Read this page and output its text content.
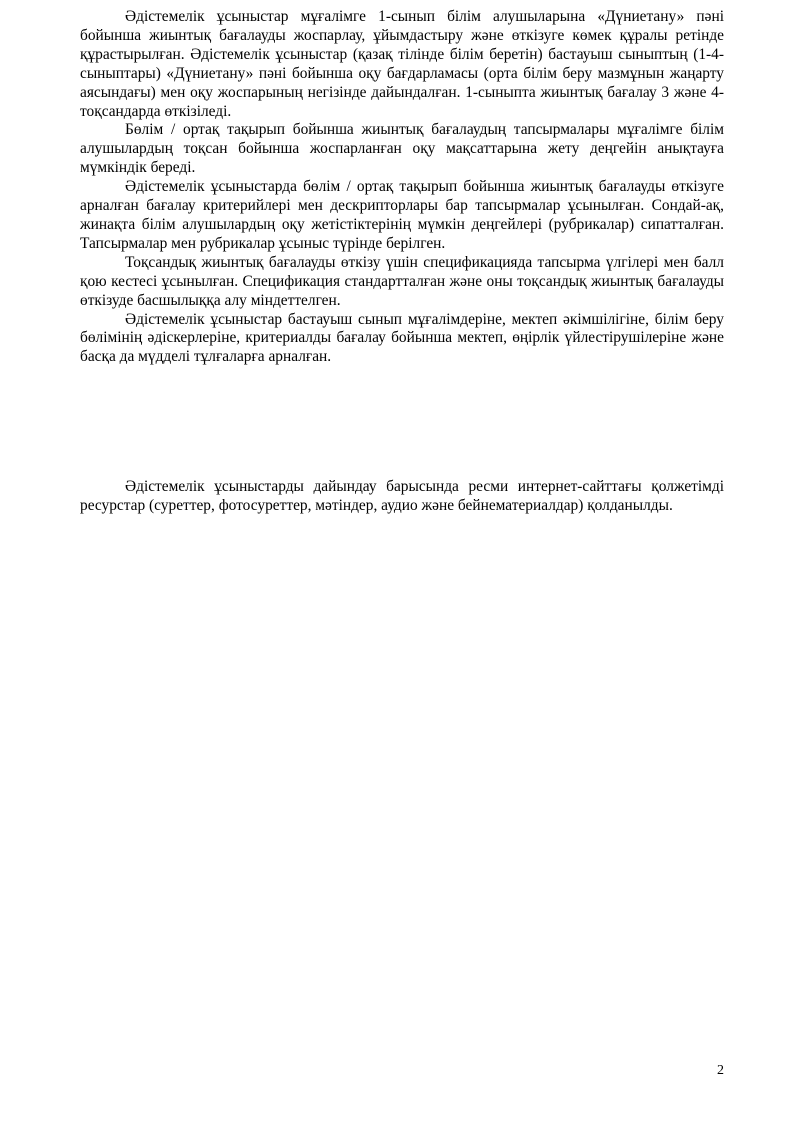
Әдістемелік ұсыныстар мұғалімге 1-сынып білім алушыларына «Дүниетану» пәні бойынша жиынтық бағалауды жоспарлау, ұйымдастыру және өткізуге көмек құралы ретінде құрастырылған. Әдістемелік ұсыныстар (қазақ тілінде білім беретін) бастауыш сыныптың (1-4-сыныптары) «Дүниетану» пәні бойынша оқу бағдарламасы (орта білім беру мазмұнын жаңарту аясындағы) мен оқу жоспарының негізінде дайындалған. 1-сыныпта жиынтық бағалау 3 және 4-тоқсандарда өткізіледі.

Бөлім / ортақ тақырып бойынша жиынтық бағалаудың тапсырмалары мұғалімге білім алушылардың тоқсан бойынша жоспарланған оқу мақсаттарына жету деңгейін анықтауға мүмкіндік береді.

Әдістемелік ұсыныстарда бөлім / ортақ тақырып бойынша жиынтық бағалауды өткізуге арналған бағалау критерийлері мен дескрипторлары бар тапсырмалар ұсынылған. Сондай-ақ, жинақта білім алушылардың оқу жетістіктерінің мүмкін деңгейлері (рубрикалар) сипатталған. Тапсырмалар мен рубрикалар ұсыныс түрінде берілген.

Тоқсандық жиынтық бағалауды өткізу үшін спецификацияда тапсырма үлгілері мен балл қою кестесі ұсынылған. Спецификация стандартталған және оны тоқсандық жиынтық бағалауды өткізуде басшылыққа алу міндеттелген.

Әдістемелік ұсыныстар бастауыш сынып мұғалімдеріне, мектеп әкімшілігіне, білім беру бөлімінің әдіскерлеріне, критериалды бағалау бойынша мектеп, өңірлік үйлестірушілеріне және басқа да мүдделі тұлғаларға арналған.

Әдістемелік ұсыныстарды дайындау барысында ресми интернет-сайттағы қолжетімді ресурстар (суреттер, фотосуреттер, мәтіндер, аудио және бейнематериалдар) қолданылды.

2
